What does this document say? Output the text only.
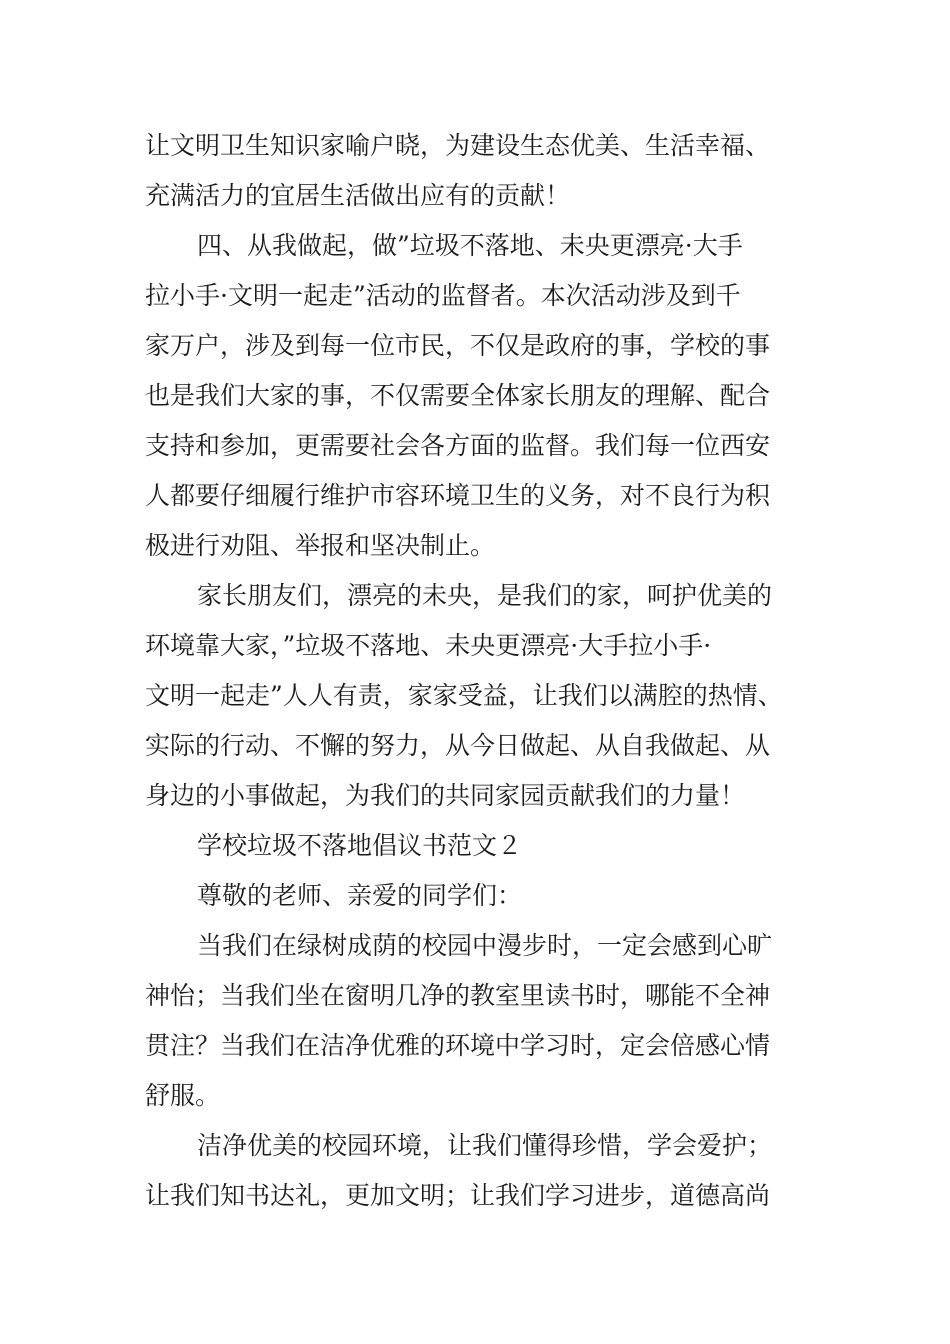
让文明卫生知识家喻户晓，为建设生态优美、生活幸福、
充满活力的宜居生活做出应有的贡献！
四、从我做起，做”垃圾不落地、未央更漂亮·大手
拉小手·文明一起走”活动的监督者。本次活动涉及到千
家万户，涉及到每一位市民，不仅是政府的事，学校的事
也是我们大家的事，不仅需要全体家长朋友的理解、配合
支持和参加，更需要社会各方面的监督。我们每一位西安
人都要仔细履行维护市容环境卫生的义务，对不良行为积
极进行劝阻、举报和坚决制止。
家长朋友们，漂亮的未央，是我们的家，呵护优美的
环境靠大家，”垃圾不落地、未央更漂亮·大手拉小手·
文明一起走”人人有责，家家受益，让我们以满腔的热情、
实际的行动、不懈的努力，从今日做起、从自我做起、从
身边的小事做起，为我们的共同家园贡献我们的力量！
学校垃圾不落地倡议书范文２
尊敬的老师、亲爱的同学们：
当我们在绿树成荫的校园中漫步时，一定会感到心旷
神怡；当我们坐在窗明几净的教室里读书时，哪能不全神
贯注？当我们在洁净优雅的环境中学习时，定会倍感心情
舒服。
洁净优美的校园环境，让我们懂得珍惜，学会爱护；
让我们知书达礼，更加文明；让我们学习进步，道德高尚
